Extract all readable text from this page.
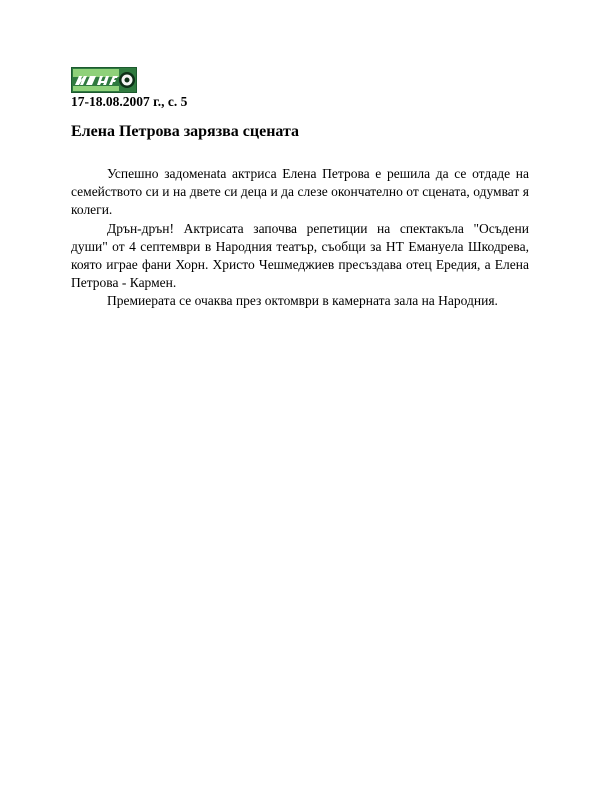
17-18.08.2007 г., с. 5
Елена Петрова зарязва сцената

Успешно задоменаta актриса Елена Петрова е решила да се отдаде на семейството си и на двете си деца и да слезе окончателно от сцената, одумват я колеги.

Дрън-дрън! Актрисата започва репетиции на спектакъла "Осъдени души" от 4 септември в Народния театър, съобщи за НТ Емануела Шкодрева, която играе фани Хорн. Христо Чешмеджиев пресъздава отец Ередия, а Елена Петрова - Кармен.

Премиерата се очаква през октомври в камерната зала на Народния.
